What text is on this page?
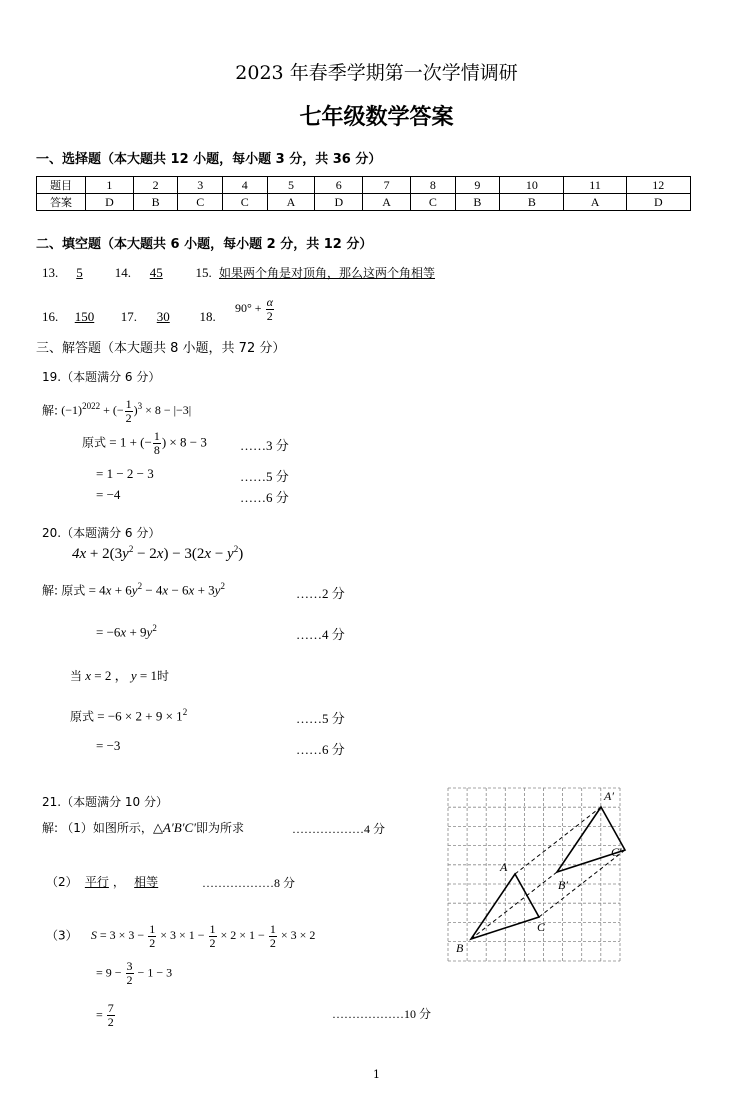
2023 年春季学期第一次学情调研
七年级数学答案
一、选择题（本大题共 12 小题，每小题 3 分，共 36 分）
题目	1	2	3	4	5	6	7	8	9	10	11	12
答案	D	B	C	C	A	D	A	C	B	B	A	D
二、填空题（本大题共 6 小题，每小题 2 分，共 12 分）
13. 5 14. 45	15. 如果两个角是对顶角，那么这两个角相等
16. 150 17. 30 18. $90^\circ + \frac{\alpha}{2}$
三、解答题（本大题共 8 小题，共 72 分）
19.（本题满分 6 分）
解: $(-1)^{2022}$ + (− $\frac{1}{2} )^3 \times 8 - |-3|$
原式 = 1 + (− $\frac{1}{8}$ ) × 8 − 3	……3 分
= 1 − 2 − 3	……5 分
= −4	……6 分
20.（本题满分 6 分）
$4x + 2(3y^2 - 2x) - 3(2x - y^2)$
解: 原式 = $4x + 6y^2 - 4x - 6x + 3y^2$	……2 分
= $-6x + 9y^2$	……4 分
当 x = 2 ， y = 1时
原式 = $-6 \times 2 + 9 \times 1^2$	……5 分
= −3	……6 分
21.（本题满分 10 分）
解: （1）如图所示，△A′B′C′即为所求	………………4 分
（2） 平行 ， 相等	………………8 分
（3） $S = 3 \times 3 - \frac{1}{2} \times 3 \times 1 - \frac{1}{2} \times 2 \times 1 - \frac{1}{2} \times 3 \times 2$
= $9 - \frac{3}{2} - 1 - 3$
= $\frac{7}{2}$	………………10 分
A
B
C
A′
B′
C′
1
